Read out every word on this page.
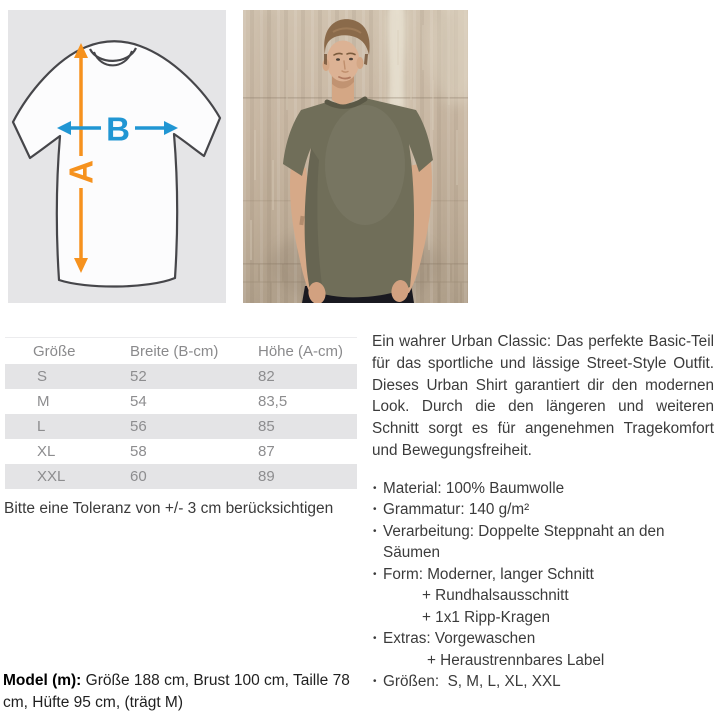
A
B
Größe	Breite (B-cm)	Höhe (A-cm)
S	52	82
M	54	83,5
L	56	85
XL	58	87
XXL	60	89
Bitte eine Toleranz von +/- 3 cm berücksichtigen

Ein wahrer Urban Classic: Das perfekte Basic-Teil für das sportliche und lässige Street-Style Outfit. Dieses Urban Shirt garantiert dir den modernen Look. Durch die den längeren und weiteren Schnitt sorgt es für angenehmen Tragekomfort und Bewegungsfreiheit.

• Material: 100% Baumwolle
• Grammatur: 140 g/m²
• Verarbeitung: Doppelte Steppnaht an den Säumen
• Form: Moderner, langer Schnitt
+ Rundhalsausschnitt
+ 1x1 Ripp-Kragen
• Extras: Vorgewaschen
+ Heraustrennbares Label
• Größen:  S, M, L, XL, XXL
Model (m): Größe 188 cm, Brust 100 cm, Taille 78 cm, Hüfte 95 cm, (trägt M)
